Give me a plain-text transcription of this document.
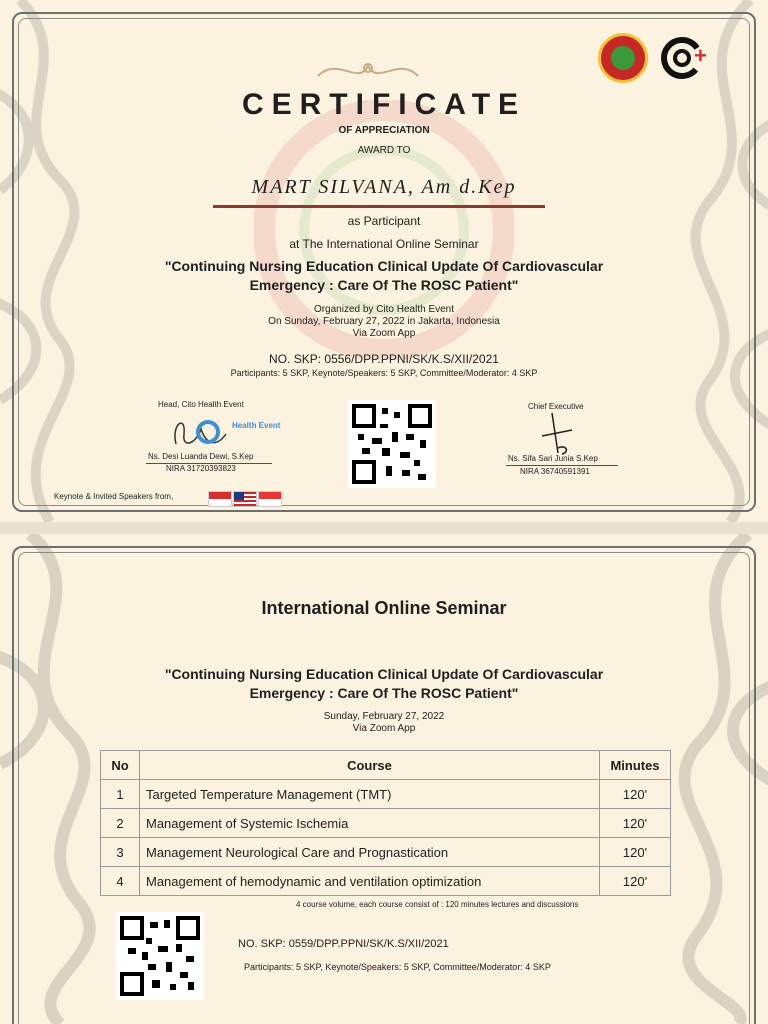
+
CERTIFICATE
OF APPRECIATION
AWARD TO
MART SILVANA, Am d.Kep
as Participant
at The International Online Seminar
"Continuing Nursing Education Clinical Update Of Cardiovascular
Emergency : Care Of The ROSC Patient"
Organized by Cito Health Event
On Sunday, February 27, 2022 in Jakarta, Indonesia
Via Zoom App
NO. SKP: 0556/DPP.PPNI/SK/K.S/XII/2021
Participants: 5 SKP, Keynote/Speakers: 5 SKP, Committee/Moderator: 4 SKP
Head, Cito Health Event
Health Event
Ns. Desi Luanda Dewi, S.Kep
NIRA 31720393823
Chief Executive
Ns. Sifa Sari Junia S.Kep
NIRA 36740591391
Keynote & Invited Speakers from,
International Online Seminar
"Continuing Nursing Education Clinical Update Of Cardiovascular
Emergency : Care Of The ROSC Patient"
Sunday, February 27, 2022
Via Zoom App
No	Course	Minutes
1	Targeted Temperature Management (TMT)	120'
2	Management of Systemic Ischemia	120'
3	Management Neurological Care and Prognastication	120'
4	Management of hemodynamic and ventilation optimization	120'
4 course volume, each course consist of : 120 minutes lectures and discussions
NO. SKP: 0559/DPP.PPNI/SK/K.S/XII/2021
Participants: 5 SKP, Keynote/Speakers: 5 SKP, Committee/Moderator: 4 SKP
